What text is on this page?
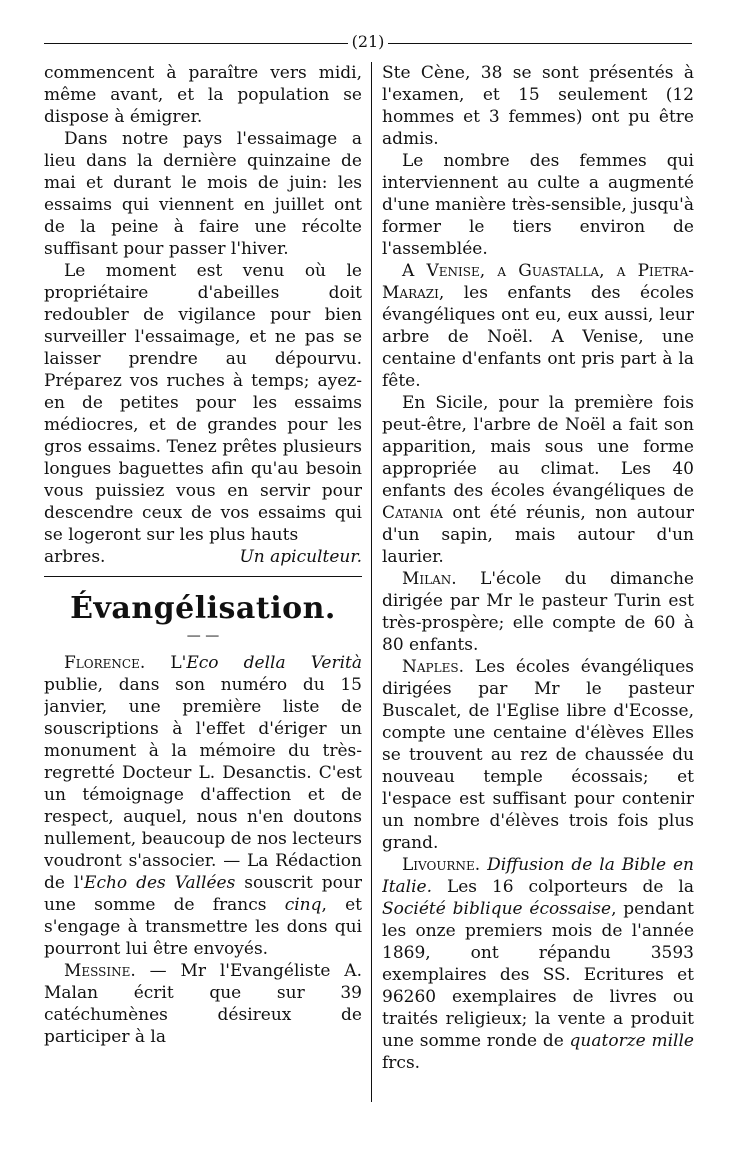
(21)

commencent à paraître vers midi, même avant, et la population se dispose à émigrer.

Dans notre pays l'essaimage a lieu dans la dernière quinzaine de mai et durant le mois de juin: les essaims qui viennent en juillet ont de la peine à faire une récolte suffisant pour passer l'hiver.

Le moment est venu où le propriétaire d'abeilles doit redoubler de vigilance pour bien surveiller l'essaimage, et ne pas se laisser prendre au dépourvu. Préparez vos ruches à temps; ayez-en de petites pour les essaims médiocres, et de grandes pour les gros essaims. Tenez prêtes plusieurs longues baguettes afin qu'au besoin vous puissiez vous en servir pour descendre ceux de vos essaims qui se logeront sur les plus hauts

arbres.	Un apiculteur.
Évangélisation.
— —

Florence. L'Eco della Verità publie, dans son numéro du 15 janvier, une première liste de souscriptions à l'effet d'ériger un monument à la mémoire du très-regretté Docteur L. Desanctis. C'est un témoignage d'affection et de respect, auquel, nous n'en doutons nullement, beaucoup de nos lecteurs voudront s'associer. — La Rédaction de l'Echo des Vallées souscrit pour une somme de francs cinq, et s'engage à transmettre les dons qui pourront lui être envoyés.

Messine. — Mr l'Evangéliste A. Malan écrit que sur 39 catéchumènes désireux de participer à la

Ste Cène, 38 se sont présentés à l'examen, et 15 seulement (12 hommes et 3 femmes) ont pu être admis.

Le nombre des femmes qui interviennent au culte a augmenté d'une manière très-sensible, jusqu'à former le tiers environ de l'assemblée.

A Venise, a Guastalla, a Pietra-Marazi, les enfants des écoles évangéliques ont eu, eux aussi, leur arbre de Noël. A Venise, une centaine d'enfants ont pris part à la fête.

En Sicile, pour la première fois peut-être, l'arbre de Noël a fait son apparition, mais sous une forme appropriée au climat. Les 40 enfants des écoles évangéliques de Catania ont été réunis, non autour d'un sapin, mais autour d'un laurier.

Milan. L'école du dimanche dirigée par Mr le pasteur Turin est très-prospère; elle compte de 60 à 80 enfants.

Naples. Les écoles évangéliques dirigées par Mr le pasteur Buscalet, de l'Eglise libre d'Ecosse, compte une centaine d'élèves Elles se trouvent au rez de chaussée du nouveau temple écossais; et l'espace est suffisant pour contenir un nombre d'élèves trois fois plus grand.

Livourne. Diffusion de la Bible en Italie. Les 16 colporteurs de la Société biblique écossaise, pendant les onze premiers mois de l'année 1869, ont répandu 3593 exemplaires des SS. Ecritures et 96260 exemplaires de livres ou traités religieux; la vente a produit une somme ronde de quatorze mille frcs.
